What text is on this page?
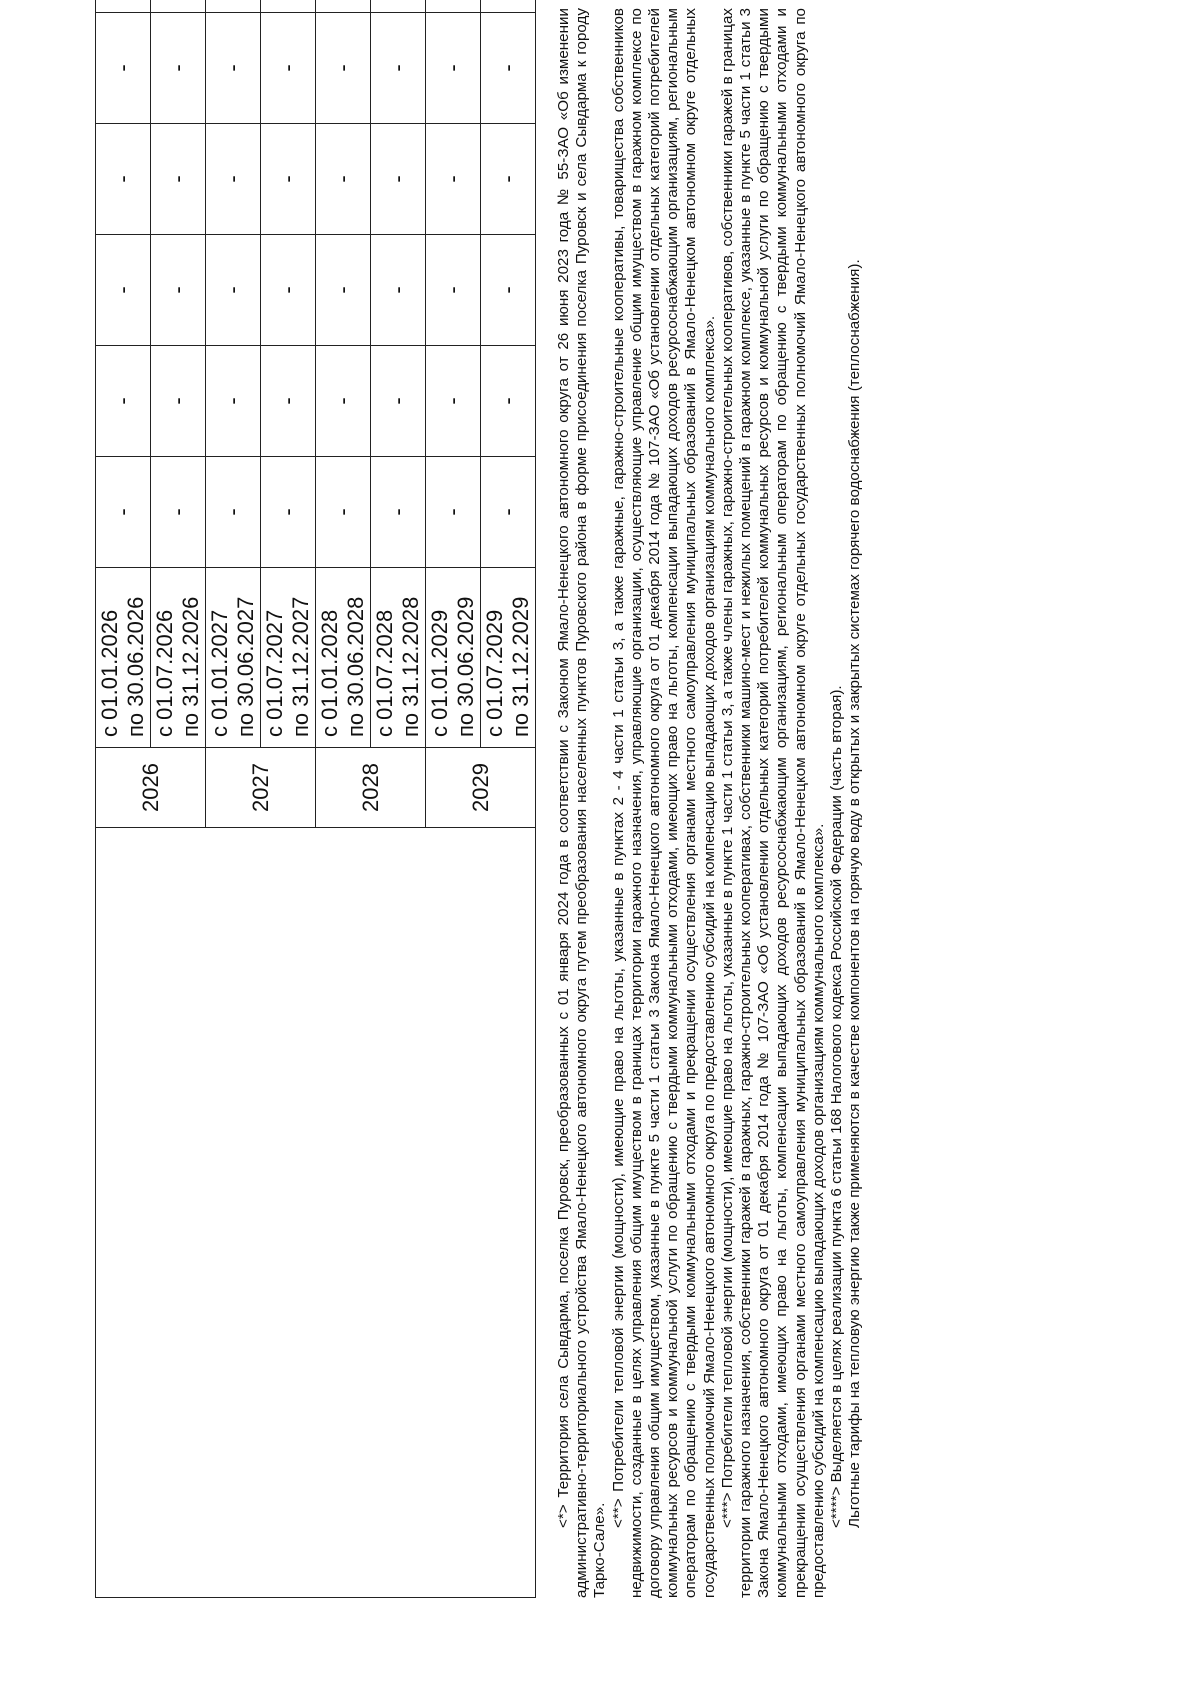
	2026	с 01.01.2026
по 30.06.2026	-	-	-	-	-	
		с 01.07.2026
по 31.12.2026	-	-	-	-	-	
	2027	с 01.01.2027
по 30.06.2027	-	-	-	-	-	
		с 01.07.2027
по 31.12.2027	-	-	-	-	-	
	2028	с 01.01.2028
по 30.06.2028	-	-	-	-	-	
		с 01.07.2028
по 31.12.2028	-	-	-	-	-	
	2029	с 01.01.2029
по 30.06.2029	-	-	-	-	-	
		с 01.07.2029
по 31.12.2029	-	-	-	-	-	<*> Территория села Сывдарма, поселка Пуровск, преобразованных с 01 января 2024 года в соответствии с Законом Ямало-Ненецкого автономного округа от 26 июня 2023 года № 55-ЗАО «Об изменении административно-территориального устройства Ямало-Ненецкого автономного округа путем преобразования населенных пунктов Пуровского района в форме присоединения поселка Пуровск и села Сывдарма к городу Тарко-Сале».

<**> Потребители тепловой энергии (мощности), имеющие право на льготы, указанные в пунктах 2 - 4 части 1 статьи 3, а также гаражные, гаражно-строительные кооперативы, товарищества собственников недвижимости, созданные в целях управления общим имуществом в границах территории гаражного назначения, управляющие организации, осуществляющие управление общим имуществом в гаражном комплексе по договору управления общим имуществом, указанные в пункте 5 части 1 статьи 3 Закона Ямало-Ненецкого автономного округа от 01 декабря 2014 года № 107-ЗАО «Об установлении отдельных категорий потребителей коммунальных ресурсов и коммунальной услуги по обращению с твердыми коммунальными отходами, имеющих право на льготы, компенсации выпадающих доходов ресурсоснабжающим организациям, региональным операторам по обращению с твердыми коммунальными отходами и прекращении осуществления органами местного самоуправления муниципальных образований в Ямало-Ненецком автономном округе отдельных государственных полномочий Ямало-Ненецкого автономного округа по предоставлению субсидий на компенсацию выпадающих доходов организациям коммунального комплекса». <***> Потребители тепловой энергии (мощности), имеющие право на льготы, указанные в пункте 1 части 1 статьи 3, а также члены гаражных, гаражно-строительных кооперативов, собственники гаражей в границах территории гаражного назначения, собственники гаражей в гаражных, гаражно-строительных кооперативах, собственники машино-мест и нежилых помещений в гаражном комплексе, указанные в пункте 5 части 1 статьи 3 Закона Ямало-Ненецкого автономного округа от 01 декабря 2014 года № 107-ЗАО «Об установлении отдельных категорий потребителей коммунальных ресурсов и коммунальной услуги по обращению с твердыми коммунальными отходами, имеющих право на льготы, компенсации выпадающих доходов ресурсоснабжающим организациям, региональным операторам по обращению с твердыми коммунальными отходами и прекращении осуществления органами местного самоуправления муниципальных образований в Ямало-Ненецком автономном округе отдельных государственных полномочий Ямало-Ненецкого автономного округа по предоставлению субсидий на компенсацию выпадающих доходов организациям коммунального комплекса». <****> Выделяется в целях реализации пункта 6 статьи 168 Налогового кодекса Российской Федерации (часть вторая). Льготные тарифы на тепловую энергию также применяются в качестве компонентов на горячую воду в открытых и закрытых системах горячего водоснабжения (теплоснабжения).
